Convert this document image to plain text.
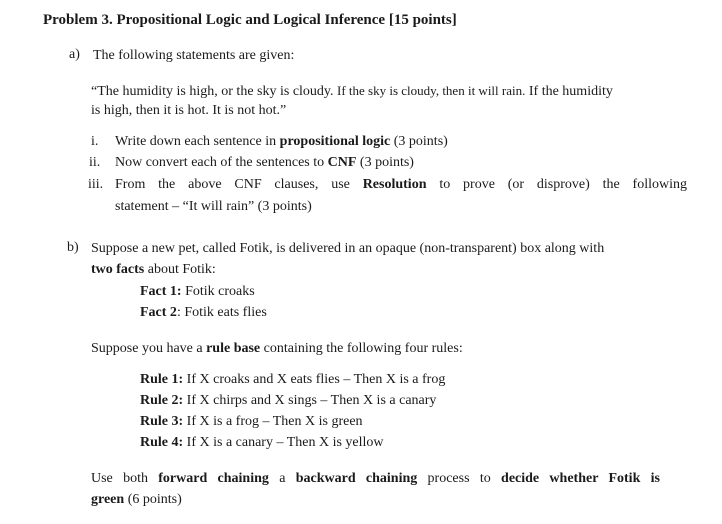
Problem 3. Propositional Logic and Logical Inference [15 points]
a) The following statements are given:
“The humidity is high, or the sky is cloudy. If the sky is cloudy, then it will rain. If the humidity
is high, then it is hot. It is not hot.”
i. Write down each sentence in propositional logic (3 points)
ii. Now convert each of the sentences to CNF (3 points)
iii. From the above CNF clauses, use Resolution to prove (or disprove) the following
statement – “It will rain” (3 points)
b) Suppose a new pet, called Fotik, is delivered in an opaque (non-transparent) box along with
two facts about Fotik:
Fact 1: Fotik croaks
Fact 2: Fotik eats flies
Suppose you have a rule base containing the following four rules:
Rule 1: If X croaks and X eats flies – Then X is a frog
Rule 2: If X chirps and X sings – Then X is a canary
Rule 3: If X is a frog – Then X is green
Rule 4: If X is a canary – Then X is yellow
Use both forward chaining a backward chaining process to decide whether Fotik is
green (6 points)
